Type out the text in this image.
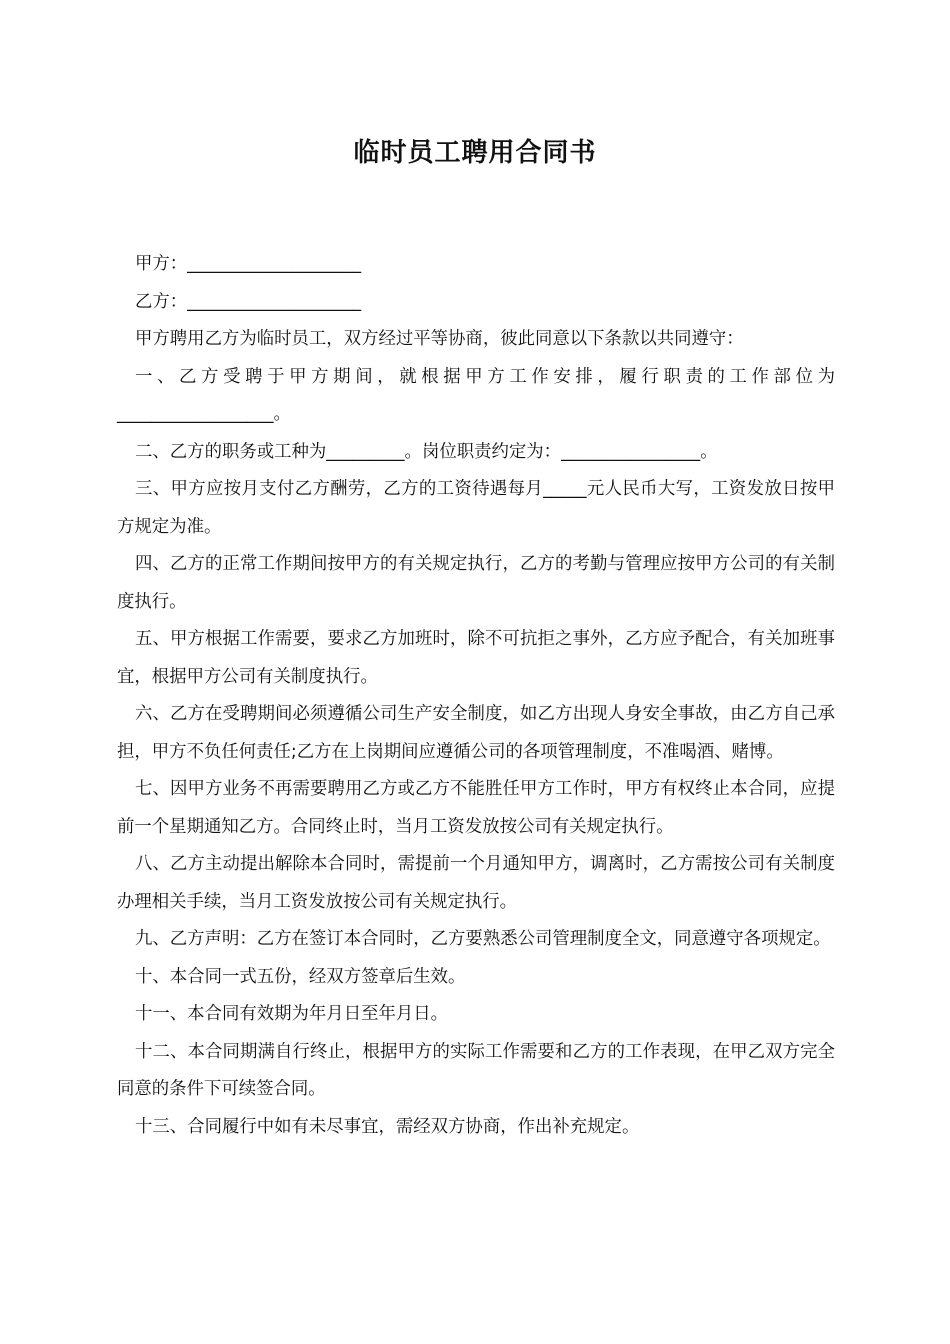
临时员工聘用合同书

甲方：____________________

乙方：____________________

甲方聘用乙方为临时员工，双方经过平等协商，彼此同意以下条款以共同遵守：

一、乙方受聘于甲方期间，就根据甲方工作安排，履行职责的工作部位为__________________。

二、乙方的职务或工种为_________。岗位职责约定为：________________。

三、甲方应按月支付乙方酬劳，乙方的工资待遇每月_____元人民币大写，工资发放日按甲方规定为准。

四、乙方的正常工作期间按甲方的有关规定执行，乙方的考勤与管理应按甲方公司的有关制度执行。

五、甲方根据工作需要，要求乙方加班时，除不可抗拒之事外，乙方应予配合，有关加班事宜，根据甲方公司有关制度执行。

六、乙方在受聘期间必须遵循公司生产安全制度，如乙方出现人身安全事故，由乙方自己承担，甲方不负任何责任;乙方在上岗期间应遵循公司的各项管理制度，不准喝酒、赌博。

七、因甲方业务不再需要聘用乙方或乙方不能胜任甲方工作时，甲方有权终止本合同，应提前一个星期通知乙方。合同终止时，当月工资发放按公司有关规定执行。

八、乙方主动提出解除本合同时，需提前一个月通知甲方，调离时，乙方需按公司有关制度办理相关手续，当月工资发放按公司有关规定执行。

九、乙方声明：乙方在签订本合同时，乙方要熟悉公司管理制度全文，同意遵守各项规定。

十、本合同一式五份，经双方签章后生效。

十一、本合同有效期为年月日至年月日。

十二、本合同期满自行终止，根据甲方的实际工作需要和乙方的工作表现，在甲乙双方完全同意的条件下可续签合同。

十三、合同履行中如有未尽事宜，需经双方协商，作出补充规定。
